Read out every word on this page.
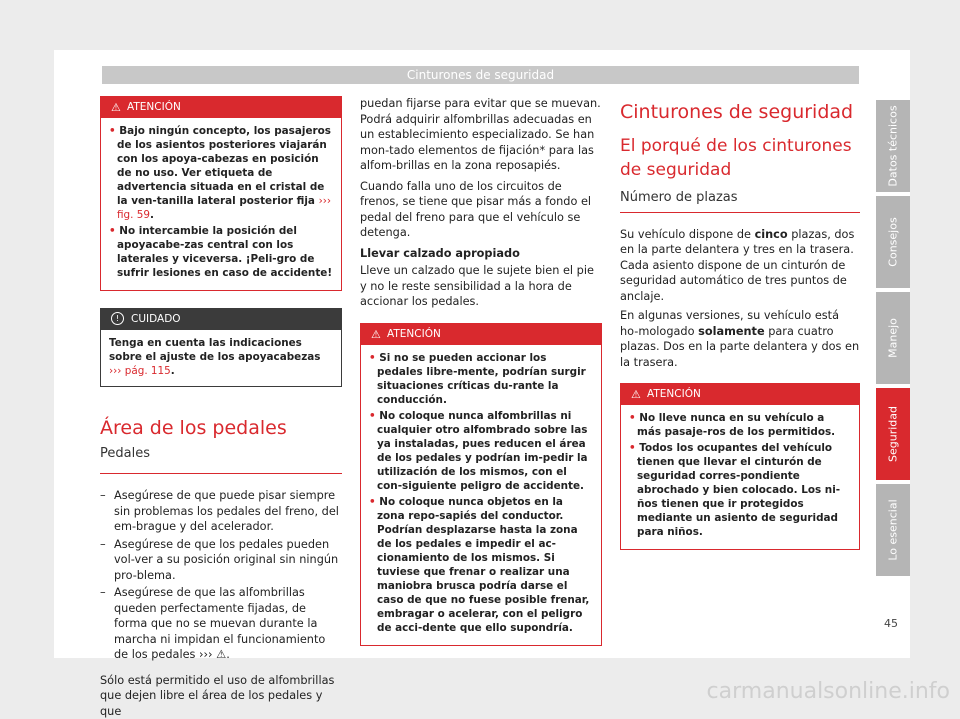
Cinturones de seguridad
⚠ ATENCIÓN

• Bajo ningún concepto, los pasajeros de los asientos posteriores viajarán con los apoya-cabezas en posición de no uso. Ver etiqueta de advertencia situada en el cristal de la ven-tanilla lateral posterior fija ››› fig. 59.

• No intercambie la posición del apoyacabe-zas central con los laterales y viceversa. ¡Peli-gro de sufrir lesiones en caso de accidente!

!	CUIDADO
Tenga en cuenta las indicaciones sobre el ajuste de los apoyacabezas ››› pág. 115.
Área de los pedales
Pedales
– Asegúrese de que puede pisar siempre sin problemas los pedales del freno, del em-brague y del acelerador.
– Asegúrese de que los pedales pueden vol-ver a su posición original sin ningún pro-blema.
– Asegúrese de que las alfombrillas queden perfectamente fijadas, de forma que no se muevan durante la marcha ni impidan el funcionamiento de los pedales ››› ⚠.

Sólo está permitido el uso de alfombrillas que dejen libre el área de los pedales y que

puedan fijarse para evitar que se muevan. Podrá adquirir alfombrillas adecuadas en un establecimiento especializado. Se han mon-tado elementos de fijación* para las alfom-brillas en la zona reposapiés.

Cuando falla uno de los circuitos de frenos, se tiene que pisar más a fondo el pedal del freno para que el vehículo se detenga.

Llevar calzado apropiado

Lleve un calzado que le sujete bien el pie y no le reste sensibilidad a la hora de accionar los pedales.

⚠ ATENCIÓN

• Si no se pueden accionar los pedales libre-mente, podrían surgir situaciones críticas du-rante la conducción.

• No coloque nunca alfombrillas ni cualquier otro alfombrado sobre las ya instaladas, pues reducen el área de los pedales y podrían im-pedir la utilización de los mismos, con el con-siguiente peligro de accidente.

• No coloque nunca objetos en la zona repo-sapiés del conductor. Podrían desplazarse hasta la zona de los pedales e impedir el ac-cionamiento de los mismos. Si tuviese que frenar o realizar una maniobra brusca podría darse el caso de que no fuese posible frenar, embragar o acelerar, con el peligro de acci-dente que ello supondría.

Cinturones de seguridad
El porqué de los cinturones de seguridad
Número de plazas

Su vehículo dispone de cinco plazas, dos en la parte delantera y tres en la trasera. Cada asiento dispone de un cinturón de seguridad automático de tres puntos de anclaje.

En algunas versiones, su vehículo está ho-mologado solamente para cuatro plazas. Dos en la parte delantera y dos en la trasera.

⚠ ATENCIÓN

• No lleve nunca en su vehículo a más pasaje-ros de los permitidos.

• Todos los ocupantes del vehículo tienen que llevar el cinturón de seguridad corres-pondiente abrochado y bien colocado. Los ni-ños tienen que ir protegidos mediante un asiento de seguridad para niños.

Datos técnicos
Consejos
Manejo
Seguridad
Lo esencial
45
carmanualsonline.info
